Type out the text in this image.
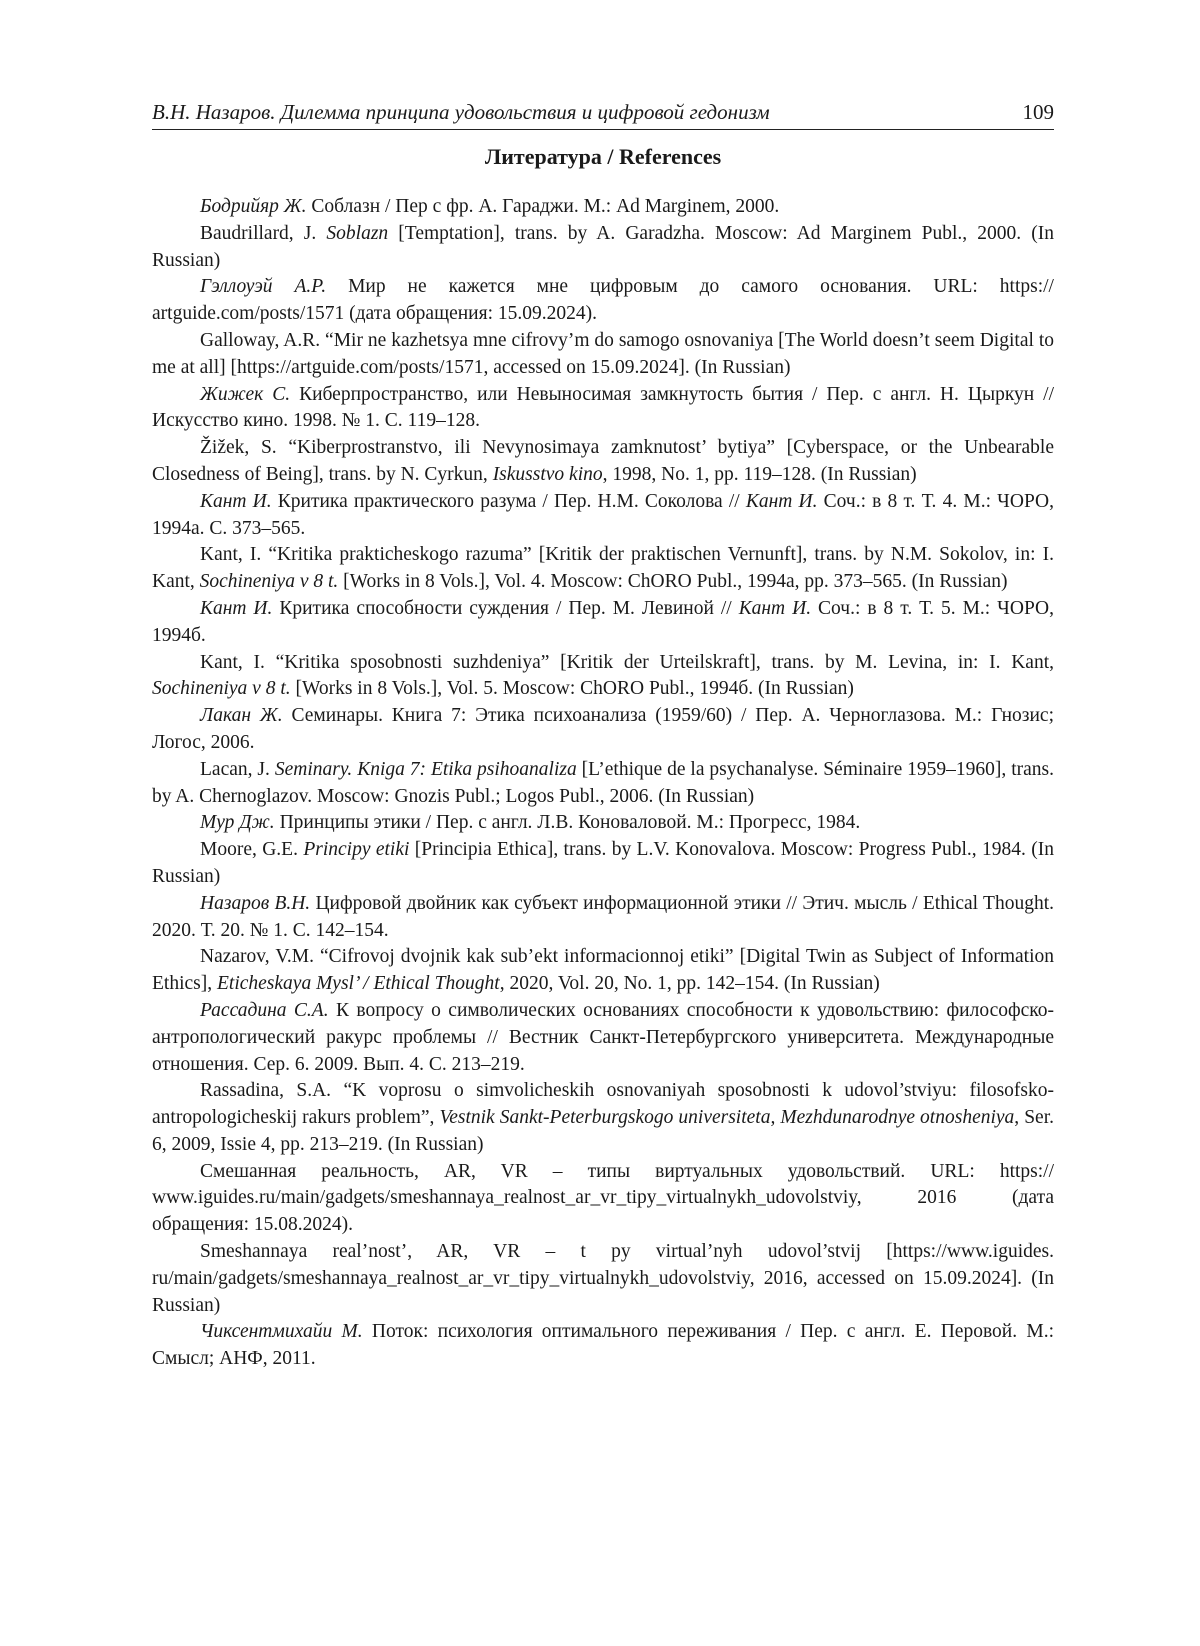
В.Н. Назаров. Дилемма принципа удовольствия и цифровой гедонизм	109
Литература / References

Бодрийяр Ж. Соблазн / Пер с фр. А. Гараджи. М.: Ad Marginem, 2000.

Baudrillard, J. Soblazn [Temptation], trans. by A. Garadzha. Moscow: Ad Marginem Publ., 2000. (In Russian)

Гэллоуэй А.Р. Мир не кажется мне цифровым до самого основания. URL: https:// artguide.com/posts/1571 (дата обращения: 15.09.2024).

Galloway, A.R. “Mir ne kazhetsya mne cifrovy’m do samogo osnovaniya [The World doesn’t seem Digital to me at all] [https://artguide.com/posts/1571, accessed on 15.09.2024]. (In Russian)

Жижек С. Киберпространство, или Невыносимая замкнутость бытия / Пер. с англ. Н. Цыркун // Искусство кино. 1998. № 1. С. 119–128.

Žižek, S. “Kiberprostranstvo, ili Nevynosimaya zamknutost’ bytiya” [Cyberspace, or the Unbearable Closedness of Being], trans. by N. Cyrkun, Iskusstvo kino, 1998, No. 1, pp. 119–128. (In Russian)

Кант И. Критика практического разума / Пер. Н.М. Соколова // Кант И. Соч.: в 8 т. Т. 4. М.: ЧОРО, 1994а. С. 373–565.

Kant, I. “Kritika prakticheskogo razuma” [Kritik der praktischen Vernunft], trans. by N.M. Sokolov, in: I. Kant, Sochineniya v 8 t. [Works in 8 Vols.], Vol. 4. Moscow: ChORO Publ., 1994a, pp. 373–565. (In Russian)

Кант И. Критика способности суждения / Пер. М. Левиной // Кант И. Соч.: в 8 т. Т. 5. М.: ЧОРО, 1994б.

Kant, I. “Kritika sposobnosti suzhdeniya” [Kritik der Urteilskraft], trans. by M. Levina, in: I. Kant, Sochineniya v 8 t. [Works in 8 Vols.], Vol. 5. Moscow: ChORO Publ., 1994б. (In Russian)

Лакан Ж. Семинары. Книга 7: Этика психоанализа (1959/60) / Пер. А. Черноглазова. М.: Гнозис; Логос, 2006.

Lacan, J. Seminary. Kniga 7: Etika psihoanaliza [L’ethique de la psychanalyse. Séminaire 1959–1960], trans. by A. Chernoglazov. Moscow: Gnozis Publ.; Logos Publ., 2006. (In Russian)

Мур Дж. Принципы этики / Пер. с англ. Л.В. Коноваловой. М.: Прогресс, 1984.

Moore, G.E. Principy etiki [Principia Ethica], trans. by L.V. Konovalova. Moscow: Progress Publ., 1984. (In Russian)

Назаров В.Н. Цифровой двойник как субъект информационной этики // Этич. мысль / Ethical Thought. 2020. Т. 20. № 1. С. 142–154.

Nazarov, V.M. “Cifrovoj dvojnik kak sub’ekt informacionnoj etiki” [Digital Twin as Subject of Information Ethics], Eticheskaya Mysl’ / Ethical Thought, 2020, Vol. 20, No. 1, pp. 142–154. (In Russian)

Рассадина С.А. К вопросу о символических основаниях способности к удовольствию: философско-антропологический ракурс проблемы // Вестник Санкт-Петербургского университета. Международные отношения. Сер. 6. 2009. Вып. 4. С. 213–219.

Rassadina, S.A. “K voprosu o simvolicheskih osnovaniyah sposobnosti k udovol’stviyu: filosofsko-antropologicheskij rakurs problem”, Vestnik Sankt-Peterburgskogo universiteta, Mezhdunarodnye otnosheniya, Ser. 6, 2009, Issie 4, pp. 213–219. (In Russian)

Смешанная реальность, AR, VR – типы виртуальных удовольствий. URL: https:// www.iguides.ru/main/gadgets/smeshannaya_realnost_ar_vr_tipy_virtualnykh_udovolstviy, 2016 (дата обращения: 15.08.2024).

Smeshannaya real’nost’, AR, VR – t py virtual’nyh udovol’stvij [https://www.iguides. ru/main/gadgets/smeshannaya_realnost_ar_vr_tipy_virtualnykh_udovolstviy, 2016, accessed on 15.09.2024]. (In Russian)

Чиксентмихайи М. Поток: психология оптимального переживания / Пер. с англ. Е. Перовой. М.: Смысл; АНФ, 2011.
